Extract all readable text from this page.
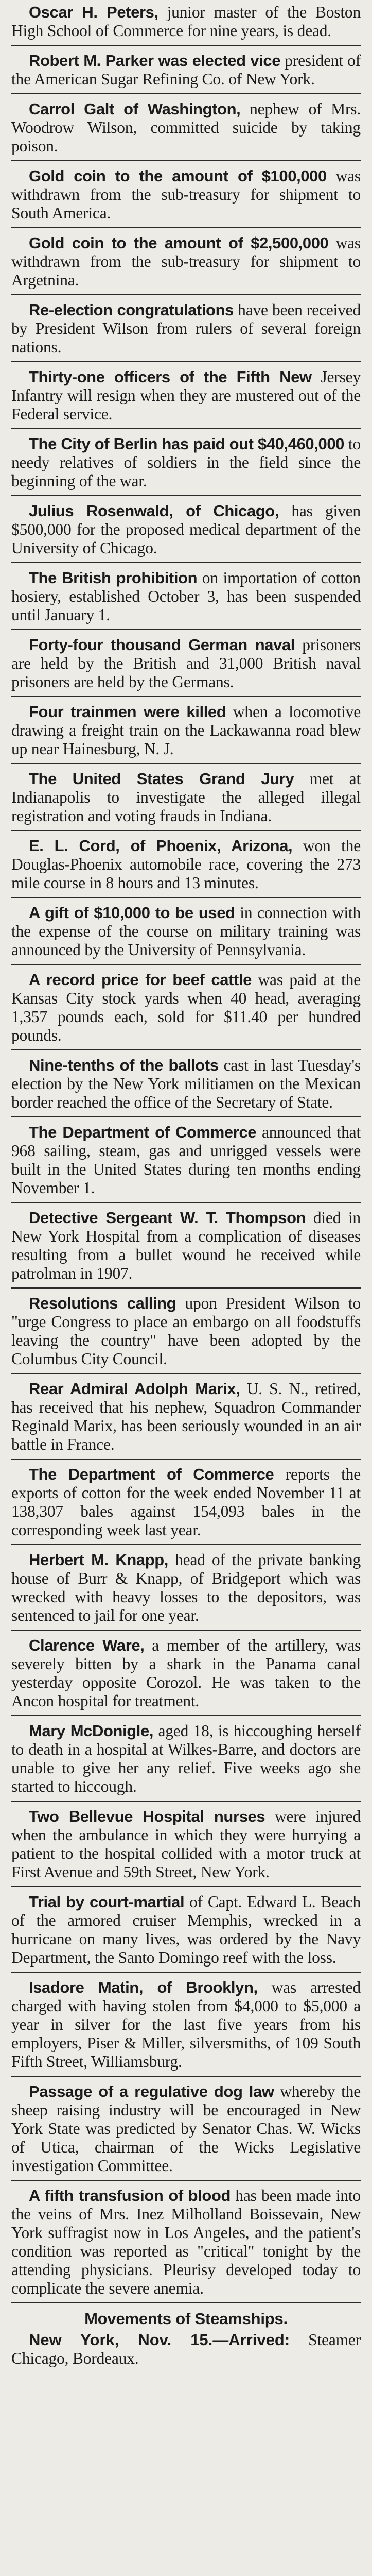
Oscar H. Peters, junior master of the Boston High School of Commerce for nine years, is dead.

Robert M. Parker was elected vice president of the American Sugar Refining Co. of New York.

Carrol Galt of Washington, nephew of Mrs. Woodrow Wilson, committed suicide by taking poison.

Gold coin to the amount of $100,000 was withdrawn from the sub-treasury for shipment to South America.

Gold coin to the amount of $2,500,000 was withdrawn from the sub-treasury for shipment to Argetnina.

Re-election congratulations have been received by President Wilson from rulers of several foreign nations.

Thirty-one officers of the Fifth New Jersey Infantry will resign when they are mustered out of the Federal service.

The City of Berlin has paid out $40,460,000 to needy relatives of soldiers in the field since the beginning of the war.

Julius Rosenwald, of Chicago, has given $500,000 for the proposed medical department of the University of Chicago.

The British prohibition on importation of cotton hosiery, established October 3, has been suspended until January 1.

Forty-four thousand German naval prisoners are held by the British and 31,000 British naval prisoners are held by the Germans.

Four trainmen were killed when a locomotive drawing a freight train on the Lackawanna road blew up near Hainesburg, N. J.

The United States Grand Jury met at Indianapolis to investigate the alleged illegal registration and voting frauds in Indiana.

E. L. Cord, of Phoenix, Arizona, won the Douglas-Phoenix automobile race, covering the 273 mile course in 8 hours and 13 minutes.

A gift of $10,000 to be used in connection with the expense of the course on military training was announced by the University of Pennsylvania.

A record price for beef cattle was paid at the Kansas City stock yards when 40 head, averaging 1,357 pounds each, sold for $11.40 per hundred pounds.

Nine-tenths of the ballots cast in last Tuesday's election by the New York militiamen on the Mexican border reached the office of the Secretary of State.

The Department of Commerce announced that 968 sailing, steam, gas and unrigged vessels were built in the United States during ten months ending November 1.

Detective Sergeant W. T. Thompson died in New York Hospital from a complication of diseases resulting from a bullet wound he received while patrolman in 1907.

Resolutions calling upon President Wilson to "urge Congress to place an embargo on all foodstuffs leaving the country" have been adopted by the Columbus City Council.

Rear Admiral Adolph Marix, U. S. N., retired, has received that his nephew, Squadron Commander Reginald Marix, has been seriously wounded in an air battle in France.

The Department of Commerce reports the exports of cotton for the week ended November 11 at 138,307 bales against 154,093 bales in the corresponding week last year.

Herbert M. Knapp, head of the private banking house of Burr & Knapp, of Bridgeport which was wrecked with heavy losses to the depositors, was sentenced to jail for one year.

Clarence Ware, a member of the artillery, was severely bitten by a shark in the Panama canal yesterday opposite Corozol. He was taken to the Ancon hospital for treatment.

Mary McDonigle, aged 18, is hiccoughing herself to death in a hospital at Wilkes-Barre, and doctors are unable to give her any relief. Five weeks ago she started to hiccough.

Two Bellevue Hospital nurses were injured when the ambulance in which they were hurrying a patient to the hospital collided with a motor truck at First Avenue and 59th Street, New York.

Trial by court-martial of Capt. Edward L. Beach of the armored cruiser Memphis, wrecked in a hurricane on many lives, was ordered by the Navy Department, the Santo Domingo reef with the loss.

Isadore Matin, of Brooklyn, was arrested charged with having stolen from $4,000 to $5,000 a year in silver for the last five years from his employers, Piser & Miller, silversmiths, of 109 South Fifth Street, Williamsburg.

Passage of a regulative dog law whereby the sheep raising industry will be encouraged in New York State was predicted by Senator Chas. W. Wicks of Utica, chairman of the Wicks Legislative investigation Committee.

A fifth transfusion of blood has been made into the veins of Mrs. Inez Milholland Boissevain, New York suffragist now in Los Angeles, and the patient's condition was reported as "critical" tonight by the attending physicians. Pleurisy developed today to complicate the severe anemia.

Movements of Steamships.

New York, Nov. 15.—Arrived: Steamer Chicago, Bordeaux.
